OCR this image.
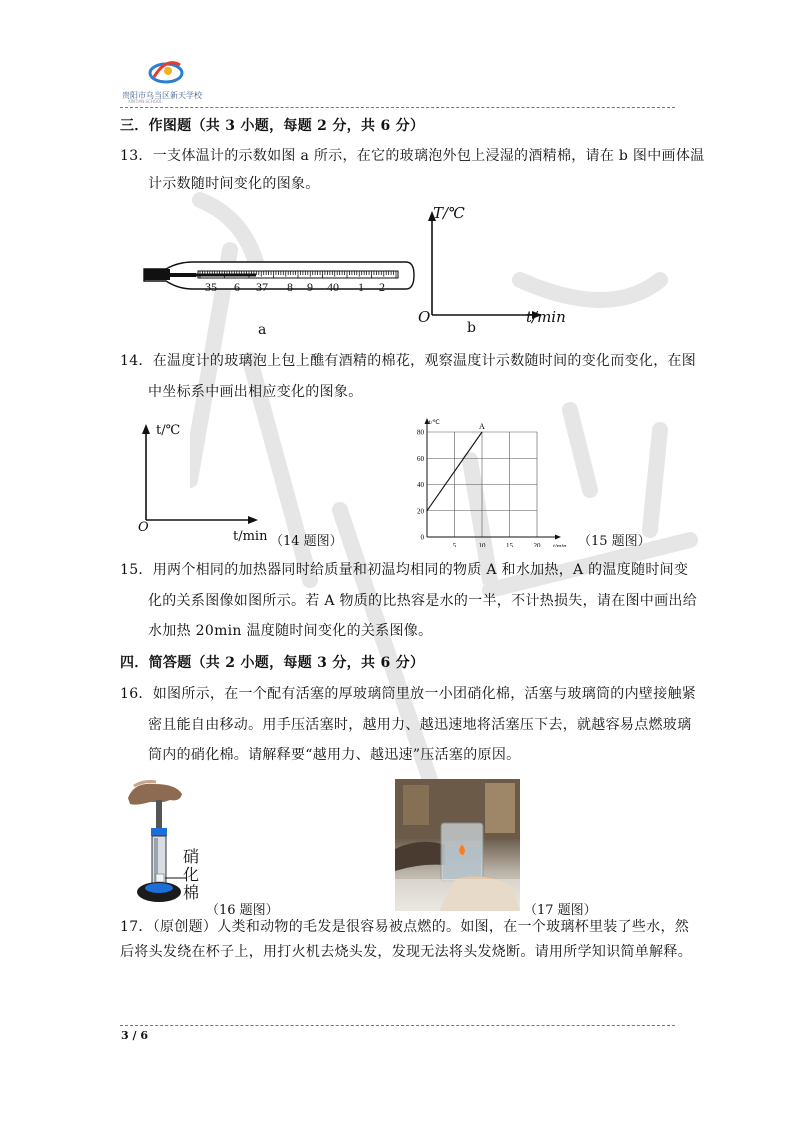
贵阳市乌当区新天学校
XINTIAN SCHOOL
三．作图题（共 3 小题，每题 2 分，共 6 分）
13．一支体温计的示数如图 a 所示，在它的玻璃泡外包上浸湿的酒精棉，请在 b 图中画体温
计示数随时间变化的图象。
35 6 37 8 9 40 1 2
a
T/℃
O
b
t/min
14．在温度计的玻璃泡上包上醮有酒精的棉花，观察温度计示数随时间的变化而变化，在图
中坐标系中画出相应变化的图象。
t/℃
O
t/min （14 题图）	5	10	15	20
0
20
40
60
80
t/℃
t/min
A
（15 题图）
15．用两个相同的加热器同时给质量和初温均相同的物质 A 和水加热，A 的温度随时间变
化的关系图像如图所示。若 A 物质的比热容是水的一半，不计热损失，请在图中画出给
水加热 20min 温度随时间变化的关系图像。
四．简答题（共 2 小题，每题 3 分，共 6 分）
16．如图所示，在一个配有活塞的厚玻璃筒里放一小团硝化棉，活塞与玻璃筒的内壁接触紧
密且能自由移动。用手压活塞时，越用力、越迅速地将活塞压下去，就越容易点燃玻璃
筒内的硝化棉。请解释要“越用力、越迅速”压活塞的原因。
硝
化
棉
（16 题图）	（17 题图）
17．（原创题）人类和动物的毛发是很容易被点燃的。如图，在一个玻璃杯里装了些水，然
后将头发绕在杯子上，用打火机去烧头发，发现无法将头发烧断。请用所学知识简单解释。
3 / 6
